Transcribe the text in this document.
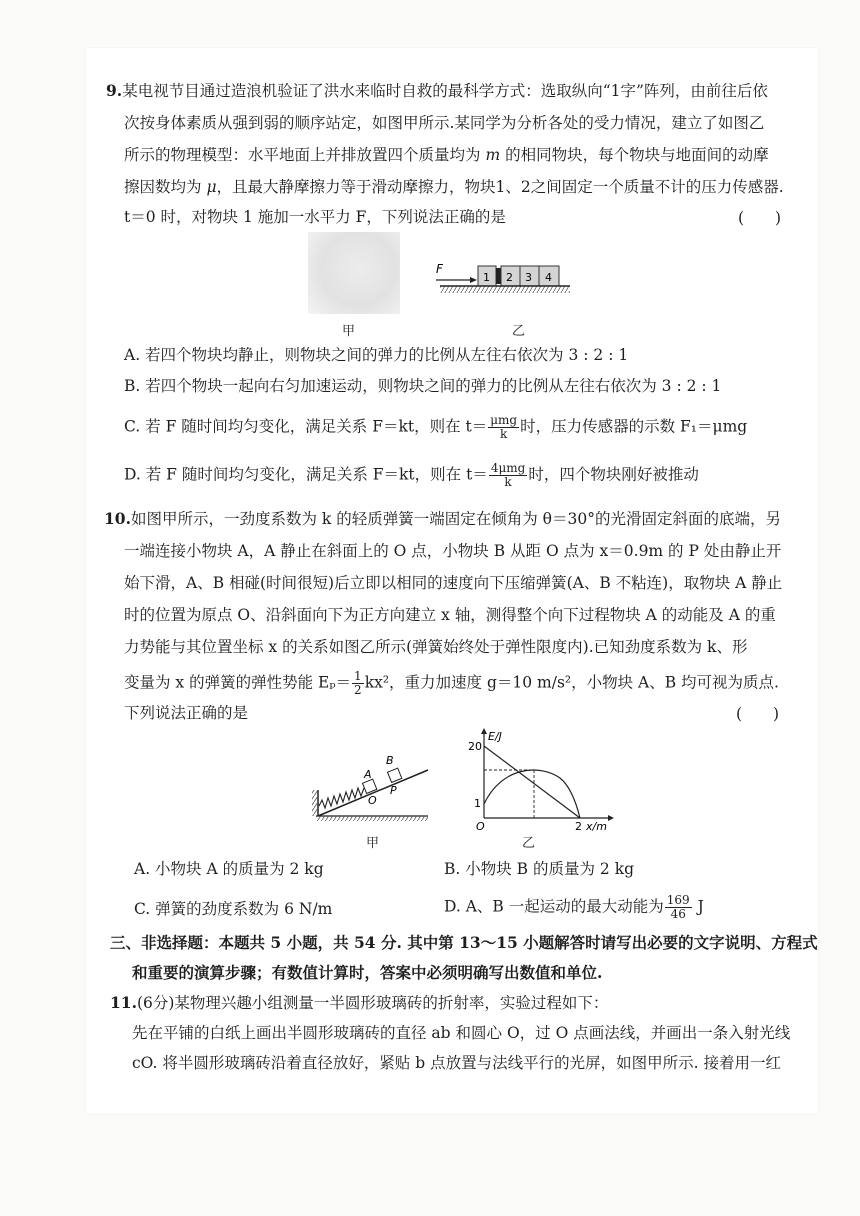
9.某电视节目通过造浪机验证了洪水来临时自救的最科学方式：选取纵向“1字”阵列，由前往后依
次按身体素质从强到弱的顺序站定，如图甲所示.某同学为分析各处的受力情况，建立了如图乙
所示的物理模型：水平地面上并排放置四个质量均为 m 的相同物块，每个物块与地面间的动摩
擦因数均为 μ，且最大静摩擦力等于滑动摩擦力，物块1、2之间固定一个质量不计的压力传感器.
t＝0 时，对物块 1 施加一水平力 F，下列说法正确的是	(　　)
甲
F
1 2 3 4
乙
A. 若四个物块均静止，则物块之间的弹力的比例从左往右依次为 3 : 2 : 1
B. 若四个物块一起向右匀加速运动，则物块之间的弹力的比例从左往右依次为 3 : 2 : 1
C. 若 F 随时间均匀变化，满足关系 F＝kt，则在 $t= \frac{\text{μmg}}{k}$ 时，压力传感器的示数 F₁＝μmg
D. 若 F 随时间均匀变化，满足关系 F＝kt，则在 $t= \frac{\text{4μmg}}{k}$ 时，四个物块刚好被推动
10.如图甲所示，一劲度系数为 k 的轻质弹簧一端固定在倾角为 θ＝30°的光滑固定斜面的底端，另
一端连接小物块 A，A 静止在斜面上的 O 点，小物块 B 从距 O 点为 x＝0.9m 的 P 处由静止开
始下滑，A、B 相碰(时间很短)后立即以相同的速度向下压缩弹簧(A、B 不粘连)，取物块 A 静止
时的位置为原点 O、沿斜面向下为正方向建立 x 轴，测得整个向下过程物块 A 的动能及 A 的重
力势能与其位置坐标 x 的关系如图乙所示(弹簧始终处于弹性限度内).已知劲度系数为 k、形
变量为 x 的弹簧的弹性势能 $E_p= \frac{1}{2} kx^2$，重力加速度 g＝10 m/s²，小物块 A、B 均可视为质点.
下列说法正确的是	(　　)
A
B
O
P
甲
E/J
x/m
20
1
O	2
乙
A. 小物块 A 的质量为 2 kg	B. 小物块 B 的质量为 2 kg
C. 弹簧的劲度系数为 6 N/m	D. A、B 一起运动的最大动能为 $\frac{169}{46}$ J
三、非选择题：本题共 5 小题，共 54 分. 其中第 13～15 小题解答时请写出必要的文字说明、方程式
和重要的演算步骤；有数值计算时，答案中必须明确写出数值和单位.
11.(6分)某物理兴趣小组测量一半圆形玻璃砖的折射率，实验过程如下：
先在平铺的白纸上画出半圆形玻璃砖的直径 ab 和圆心 O，过 O 点画法线，并画出一条入射光线
cO. 将半圆形玻璃砖沿着直径放好，紧贴 b 点放置与法线平行的光屏，如图甲所示. 接着用一红
